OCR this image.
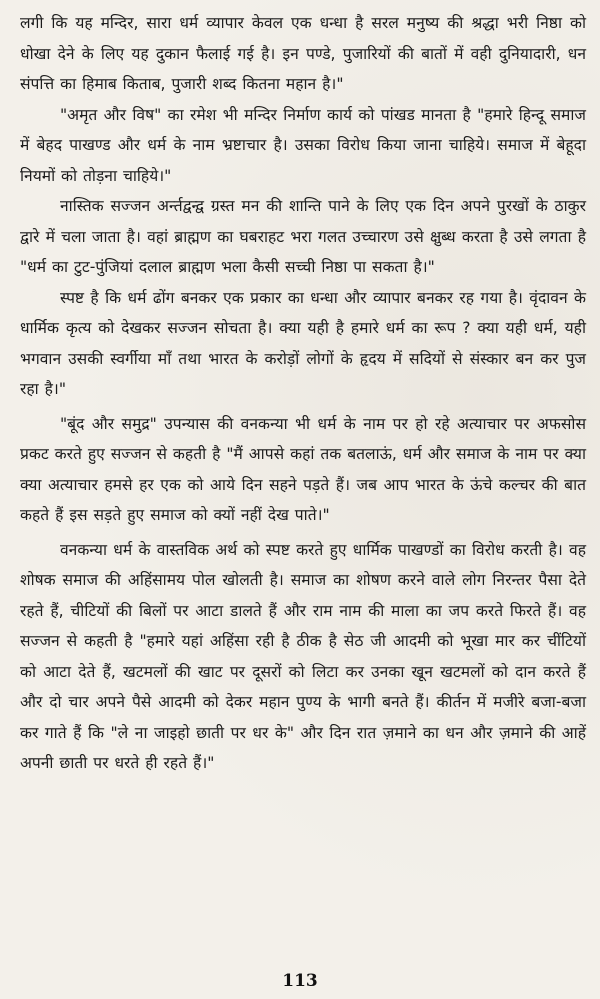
लगी कि यह मन्दिर, सारा धर्म व्यापार केवल एक धन्धा है सरल मनुष्य की श्रद्धा भरी निष्ठा को धोखा देने के लिए यह दुकान फैलाई गई है। इन पण्डे, पुजारियों की बातों में वही दुनियादारी, धन संपत्ति का हिमाब किताब, पुजारी शब्द कितना महान है।"

"अमृत और विष" का रमेश भी मन्दिर निर्माण कार्य को पांखड मानता है "हमारे हिन्दू समाज में बेहद पाखण्ड और धर्म के नाम भ्रष्टाचार है। उसका विरोध किया जाना चाहिये। समाज में बेहूदा नियमों को तोड़ना चाहिये।"

नास्तिक सज्जन अर्न्तद्वन्द्व ग्रस्त मन की शान्ति पाने के लिए एक दिन अपने पुरखों के ठाकुर द्वारे में चला जाता है। वहां ब्राह्मण का घबराहट भरा गलत उच्चारण उसे क्षुब्ध करता है उसे लगता है "धर्म का टुट-पुंजियां दलाल ब्राह्मण भला कैसी सच्ची निष्ठा पा सकता है।"

स्पष्ट है कि धर्म ढोंग बनकर एक प्रकार का धन्धा और व्यापार बनकर रह गया है। वृंदावन के धार्मिक कृत्य को देखकर सज्जन सोचता है। क्या यही है हमारे धर्म का रूप ? क्या यही धर्म, यही भगवान उसकी स्वर्गीया माँ तथा भारत के करोड़ों लोगों के हृदय में सदियों से संस्कार बन कर पुज रहा है।"

"बूंद और समुद्र" उपन्यास की वनकन्या भी धर्म के नाम पर हो रहे अत्याचार पर अफसोस प्रकट करते हुए सज्जन से कहती है "मैं आपसे कहां तक बतलाऊं, धर्म और समाज के नाम पर क्या क्या अत्याचार हमसे हर एक को आये दिन सहने पड़ते हैं। जब आप भारत के ऊंचे कल्चर की बात कहते हैं इस सड़ते हुए समाज को क्यों नहीं देख पाते।"

वनकन्या धर्म के वास्तविक अर्थ को स्पष्ट करते हुए धार्मिक पाखण्डों का विरोध करती है। वह शोषक समाज की अहिंसामय पोल खोलती है। समाज का शोषण करने वाले लोग निरन्तर पैसा देते रहते हैं, चीटियों की बिलों पर आटा डालते हैं और राम नाम की माला का जप करते फिरते हैं। वह सज्जन से कहती है "हमारे यहां अहिंसा रही है ठीक है सेठ जी आदमी को भूखा मार कर चींटियों को आटा देते हैं, खटमलों की खाट पर दूसरों को लिटा कर उनका खून खटमलों को दान करते हैं और दो चार अपने पैसे आदमी को देकर महान पुण्य के भागी बनते हैं। कीर्तन में मजीरे बजा-बजा कर गाते हैं कि "ले ना जाइहो छाती पर धर के" और दिन रात ज़माने का धन और ज़माने की आहें अपनी छाती पर धरते ही रहते हैं।"

113
